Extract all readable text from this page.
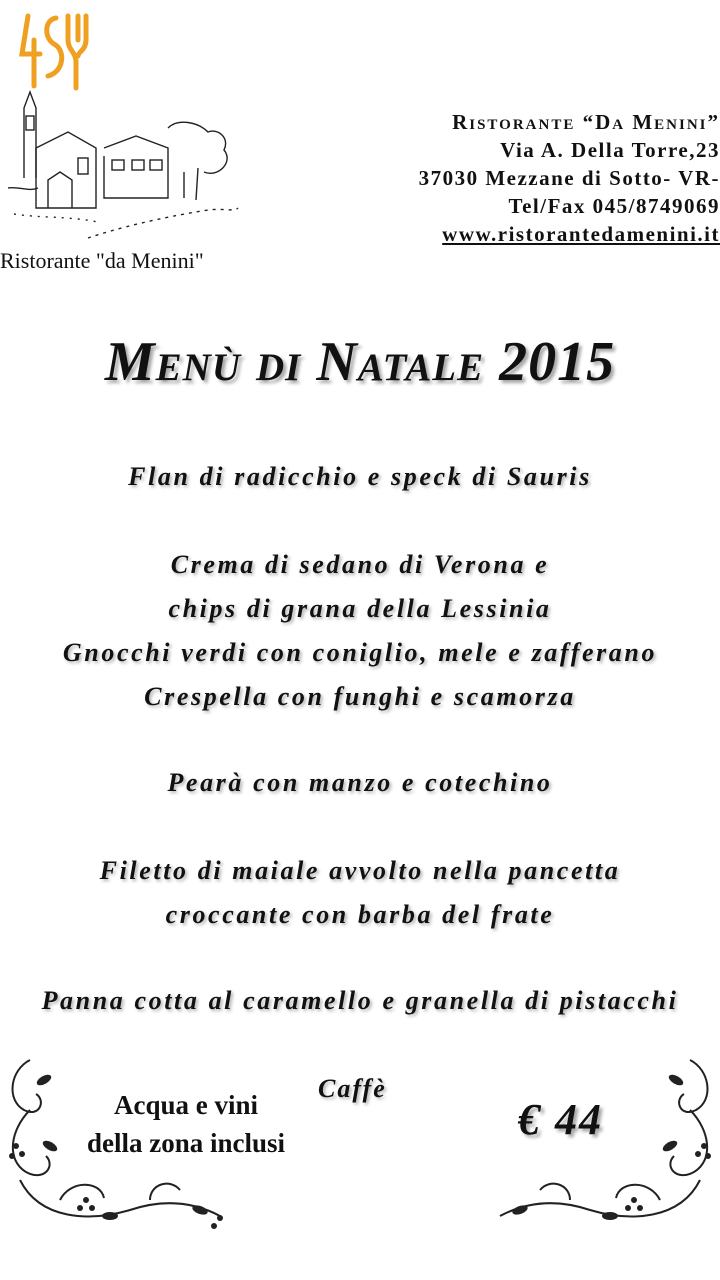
Ristorante "da Menini"
Ristorante “Da Menini”
Via A. Della Torre,23
37030 Mezzane di Sotto- VR-
Tel/Fax 045/8749069
www.ristorantedamenini.it
Menù di Natale 2015
Flan di radicchio e speck di Sauris
Crema di sedano di Verona e
chips di grana della Lessinia
Gnocchi verdi con coniglio, mele e zafferano
Crespella con funghi e scamorza
Pearà con manzo e cotechino
Filetto di maiale avvolto nella pancetta
croccante con barba del frate
Panna cotta al caramello e granella di pistacchi
Acqua e vini
della zona inclusi
Caffè
€ 44
